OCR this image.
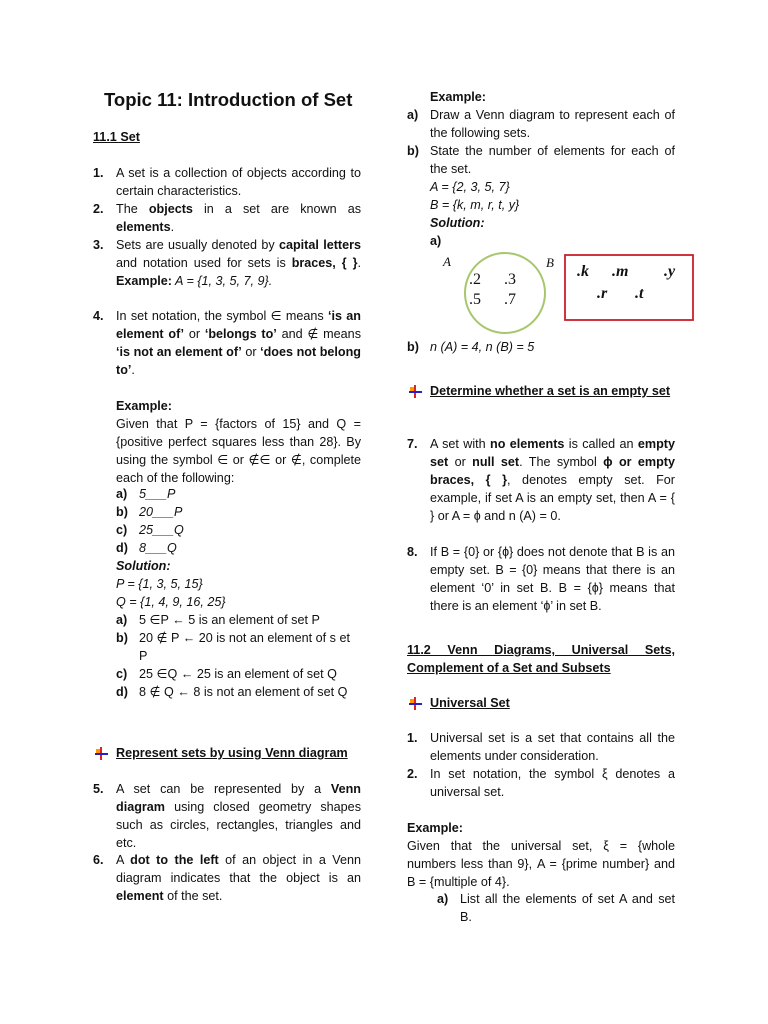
Topic 11: Introduction of Set
11.1 Set
1. A set is a collection of objects according to certain characteristics.
2. The objects in a set are known as elements.
3. Sets are usually denoted by capital letters and notation used for sets is braces, { }. Example: A = {1, 3, 5, 7, 9}.
4. In set notation, the symbol ∈ means ‘is an element of’ or ‘belongs to’ and ∉ means ‘is not an element of’ or ‘does not belong to’.
Example:
Given that P = {factors of 15} and Q = {positive perfect squares less than 28}. By using the symbol ∈ or ∉∈ or ∉, complete each of the following:
a) 5___P
b) 20___P
c) 25___Q
d) 8___Q
Solution:
P = {1, 3, 5, 15}
Q = {1, 4, 9, 16, 25}
a) 5 ∈P ← 5 is an element of set P
b) 20 ∉ P ← 20 is not an element of s et P
c) 25 ∈Q ← 25 is an element of set Q
d) 8 ∉ Q ← 8 is not an element of set Q
Represent sets by using Venn diagram
5. A set can be represented by a Venn diagram using closed geometry shapes such as circles, rectangles, triangles and etc.
6. A dot to the left of an object in a Venn diagram indicates that the object is an element of the set.
Example:
a) Draw a Venn diagram to represent each of the following sets.
b) State the number of elements for each of the set.
A = {2, 3, 5, 7}
B = {k, m, r, t, y}
Solution:
a)
A	B
.2 .3
.5 .7
.k .m .y
.r .t
b) n (A) = 4, n (B) = 5
Determine whether a set is an empty set
7. A set with no elements is called an empty set or null set. The symbol ɸ or empty braces, { }, denotes empty set. For example, if set A is an empty set, then A = { } or A = ɸ and n (A) = 0.
8. If B = {0} or {ɸ} does not denote that B is an empty set. B = {0} means that there is an element ‘0’ in set B. B = {ɸ} means that there is an element ‘ɸ’ in set B.
11.2 Venn Diagrams, Universal Sets, Complement of a Set and Subsets
Universal Set
1. Universal set is a set that contains all the elements under consideration.
2. In set notation, the symbol ξ denotes a universal set.
Example:
Given that the universal set, ξ = {whole numbers less than 9}, A = {prime number} and B = {multiple of 4}.
a) List all the elements of set A and set B.
